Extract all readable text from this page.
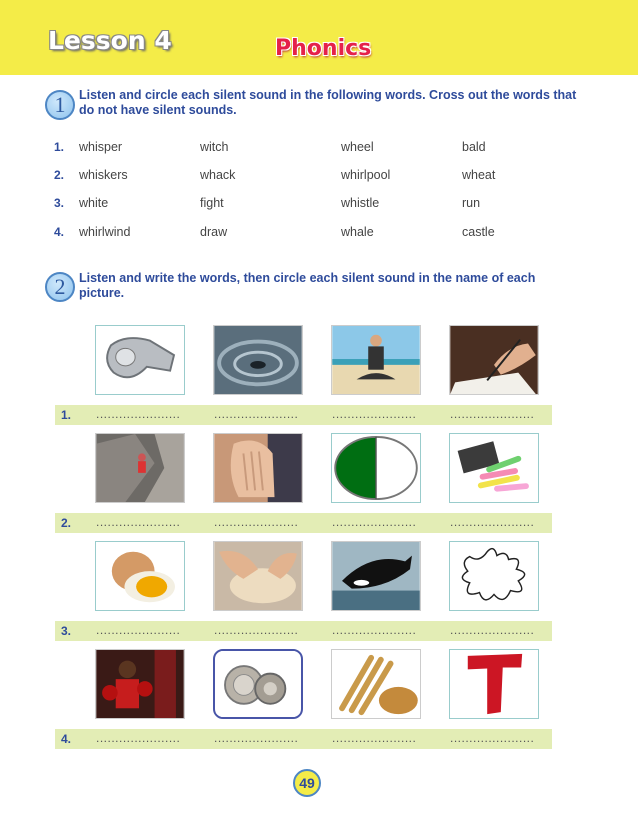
Lesson 4	Phonics
1	Listen and circle each silent sound in the following words. Cross out the words that
do not have silent sounds.
1. whisper	witch	wheel	bald
2. whiskers	whack	whirlpool	wheat
3. white	fight	whistle	run
4. whirlwind	draw	whale	castle
2	Listen and write the words, then circle each silent sound in the name of each
picture.
1. ......................	......................	......................	......................
2. ......................	......................	......................	......................
3. ......................	......................	......................	......................
4. ......................	......................	......................	......................
49
